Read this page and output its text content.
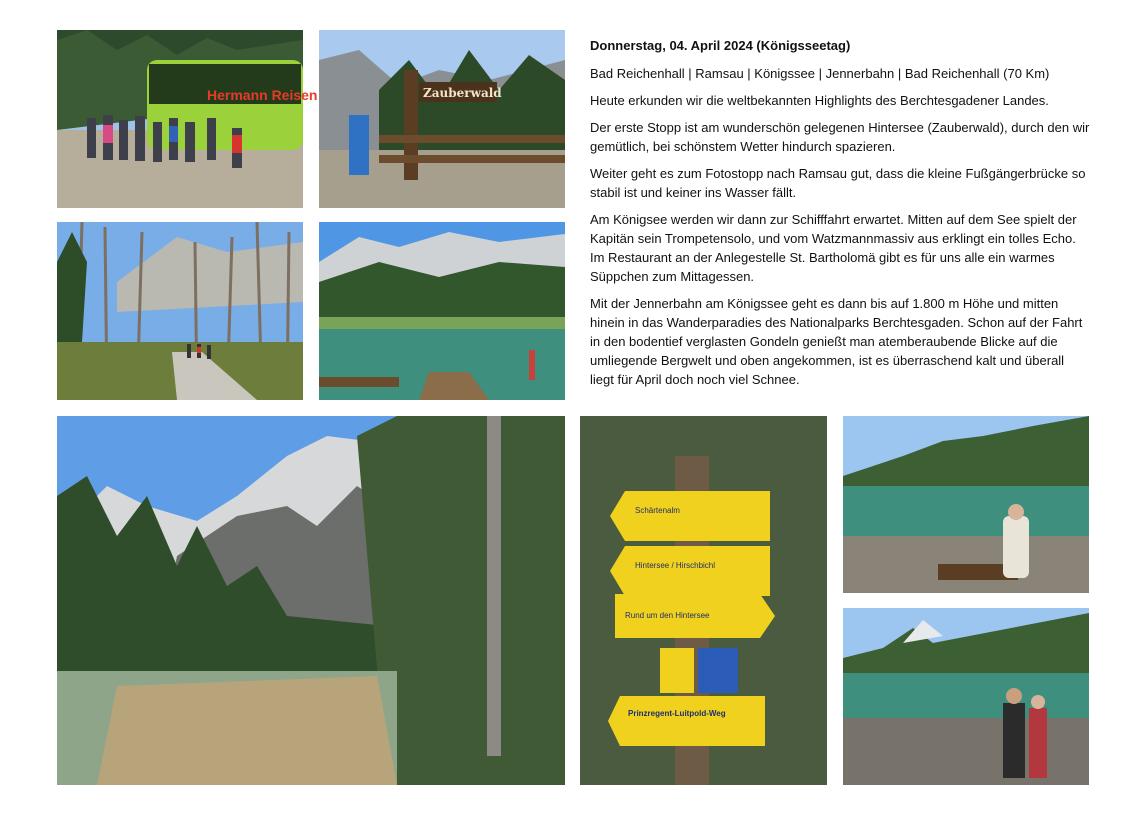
Hermann Reisen	Zauberwald
Schärtenalm
Hintersee / Hirschbichl
Rund um den Hintersee
Prinzregent-Luitpold-Weg

Donnerstag, 04. April 2024 (Königsseetag)

Bad Reichenhall | Ramsau | Königssee | Jennerbahn | Bad Reichenhall (70 Km)

Heute erkunden wir die weltbekannten Highlights des Berchtesgadener Landes.

Der erste Stopp ist am wunderschön gelegenen Hintersee (Zauberwald), durch den wir gemütlich, bei schönstem Wetter hindurch spazieren.

Weiter geht es zum Fotostopp nach Ramsau gut, dass die kleine Fußgängerbrücke so stabil ist und keiner ins Wasser fällt.

Am Königsee werden wir dann zur Schifffahrt erwartet. Mitten auf dem See spielt der Kapitän sein Trompetensolo, und vom Watzmannmassiv aus erklingt ein tolles Echo. Im Restaurant an der Anlegestelle St. Bartholomä gibt es für uns alle ein warmes Süppchen zum Mittagessen.

Mit der Jennerbahn am Königssee geht es dann bis auf 1.800 m Höhe und mitten hinein in das Wanderparadies des Nationalparks Berchtesgaden. Schon auf der Fahrt in den bodentief verglasten Gondeln genießt man atemberaubende Blicke auf die umliegende Bergwelt und oben angekommen, ist es überraschend kalt und überall liegt für April doch noch viel Schnee.
